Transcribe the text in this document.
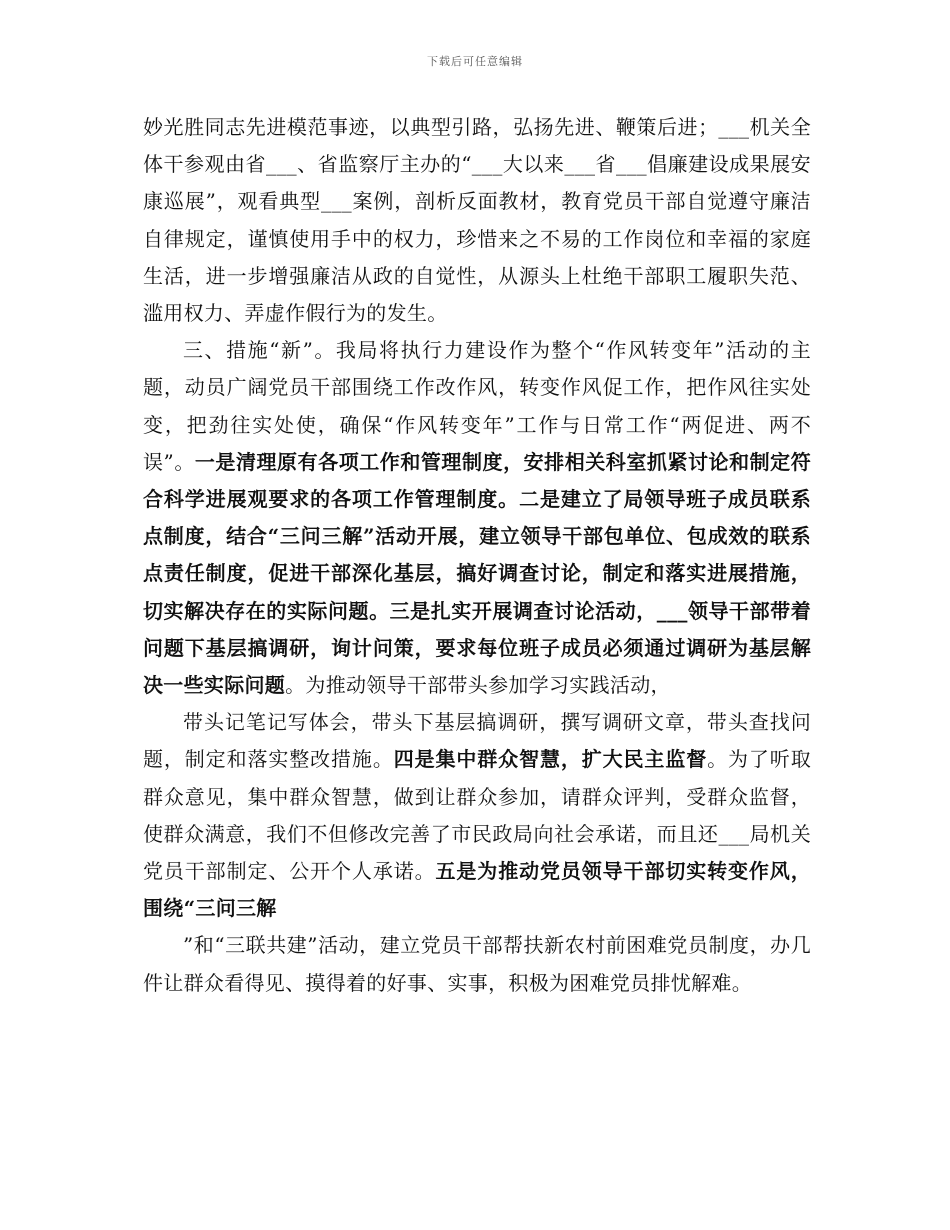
下载后可任意编辑

妙光胜同志先进模范事迹，以典型引路，弘扬先进、鞭策后进；___机关全体干参观由省___、省监察厅主办的“___大以来___省___倡廉建设成果展安康巡展”，观看典型___案例，剖析反面教材，教育党员干部自觉遵守廉洁自律规定，谨慎使用手中的权力，珍惜来之不易的工作岗位和幸福的家庭生活，进一步增强廉洁从政的自觉性，从源头上杜绝干部职工履职失范、滥用权力、弄虚作假行为的发生。

三、措施“新”。我局将执行力建设作为整个“作风转变年”活动的主题，动员广阔党员干部围绕工作改作风，转变作风促工作，把作风往实处变，把劲往实处使，确保“作风转变年”工作与日常工作“两促进、两不误”。一是清理原有各项工作和管理制度，安排相关科室抓紧讨论和制定符合科学进展观要求的各项工作管理制度。二是建立了局领导班子成员联系点制度，结合“三问三解”活动开展，建立领导干部包单位、包成效的联系点责任制度，促进干部深化基层，搞好调查讨论，制定和落实进展措施，切实解决存在的实际问题。三是扎实开展调查讨论活动，___领导干部带着问题下基层搞调研，询计问策，要求每位班子成员必须通过调研为基层解决一些实际问题。为推动领导干部带头参加学习实践活动，

带头记笔记写体会，带头下基层搞调研，撰写调研文章，带头查找问题，制定和落实整改措施。四是集中群众智慧，扩大民主监督。为了听取群众意见，集中群众智慧，做到让群众参加，请群众评判，受群众监督，使群众满意，我们不但修改完善了市民政局向社会承诺，而且还___局机关党员干部制定、公开个人承诺。五是为推动党员领导干部切实转变作风，围绕“三问三解

”和“三联共建”活动，建立党员干部帮扶新农村前困难党员制度，办几件让群众看得见、摸得着的好事、实事，积极为困难党员排忧解难。
